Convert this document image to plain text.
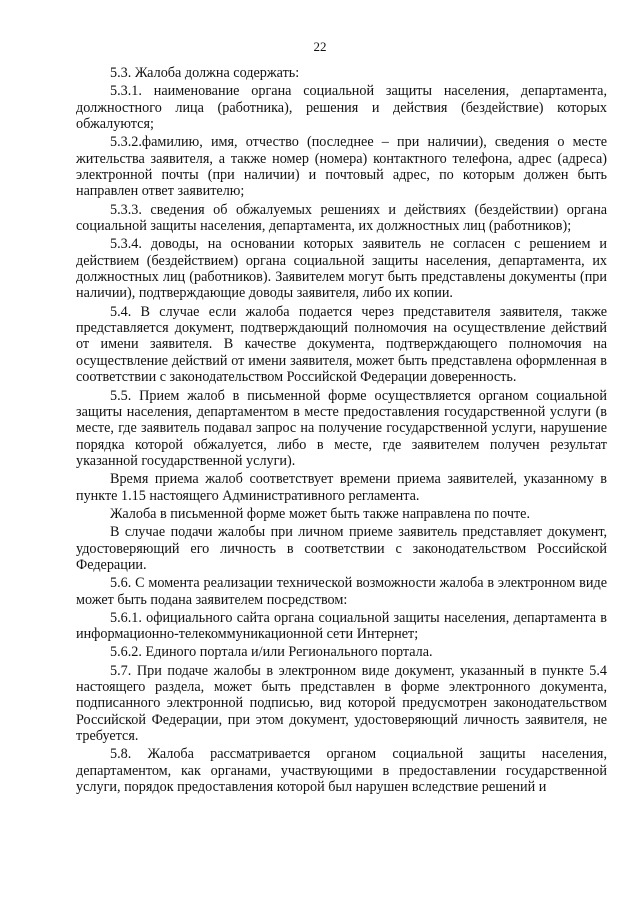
22

5.3. Жалоба должна содержать:

5.3.1. наименование органа социальной защиты населения, департамента, должностного лица (работника), решения и действия (бездействие) которых обжалуются;

5.3.2.фамилию, имя, отчество (последнее – при наличии), сведения о месте жительства заявителя, а также номер (номера) контактного телефона, адрес (адреса) электронной почты (при наличии) и почтовый адрес, по которым должен быть направлен ответ заявителю;

5.3.3. сведения об обжалуемых решениях и действиях (бездействии) органа социальной защиты населения, департамента, их должностных лиц (работников);

5.3.4. доводы, на основании которых заявитель не согласен с решением и действием (бездействием) органа социальной защиты населения, департамента, их должностных лиц (работников). Заявителем могут быть представлены документы (при наличии), подтверждающие доводы заявителя, либо их копии.

5.4. В случае если жалоба подается через представителя заявителя, также представляется документ, подтверждающий полномочия на осуществление действий от имени заявителя. В качестве документа, подтверждающего полномочия на осуществление действий от имени заявителя, может быть представлена оформленная в соответствии с законодательством Российской Федерации доверенность.

5.5. Прием жалоб в письменной форме осуществляется органом социальной защиты населения, департаментом в месте предоставления государственной услуги (в месте, где заявитель подавал запрос на получение государственной услуги, нарушение порядка которой обжалуется, либо в месте, где заявителем получен результат указанной государственной услуги).

Время приема жалоб соответствует времени приема заявителей, указанному в пункте 1.15 настоящего Административного регламента.

Жалоба в письменной форме может быть также направлена по почте.

В случае подачи жалобы при личном приеме заявитель представляет документ, удостоверяющий его личность в соответствии с законодательством Российской Федерации.

5.6. С момента реализации технической возможности жалоба в электронном виде может быть подана заявителем посредством:

5.6.1. официального сайта органа социальной защиты населения, департамента в информационно-телекоммуникационной сети Интернет;

5.6.2. Единого портала и/или Регионального портала.

5.7. При подаче жалобы в электронном виде документ, указанный в пункте 5.4 настоящего раздела, может быть представлен в форме электронного документа, подписанного электронной подписью, вид которой предусмотрен законодательством Российской Федерации, при этом документ, удостоверяющий личность заявителя, не требуется.

5.8. Жалоба рассматривается органом социальной защиты населения, департаментом, как органами, участвующими в предоставлении государственной услуги, порядок предоставления которой был нарушен вследствие решений и
